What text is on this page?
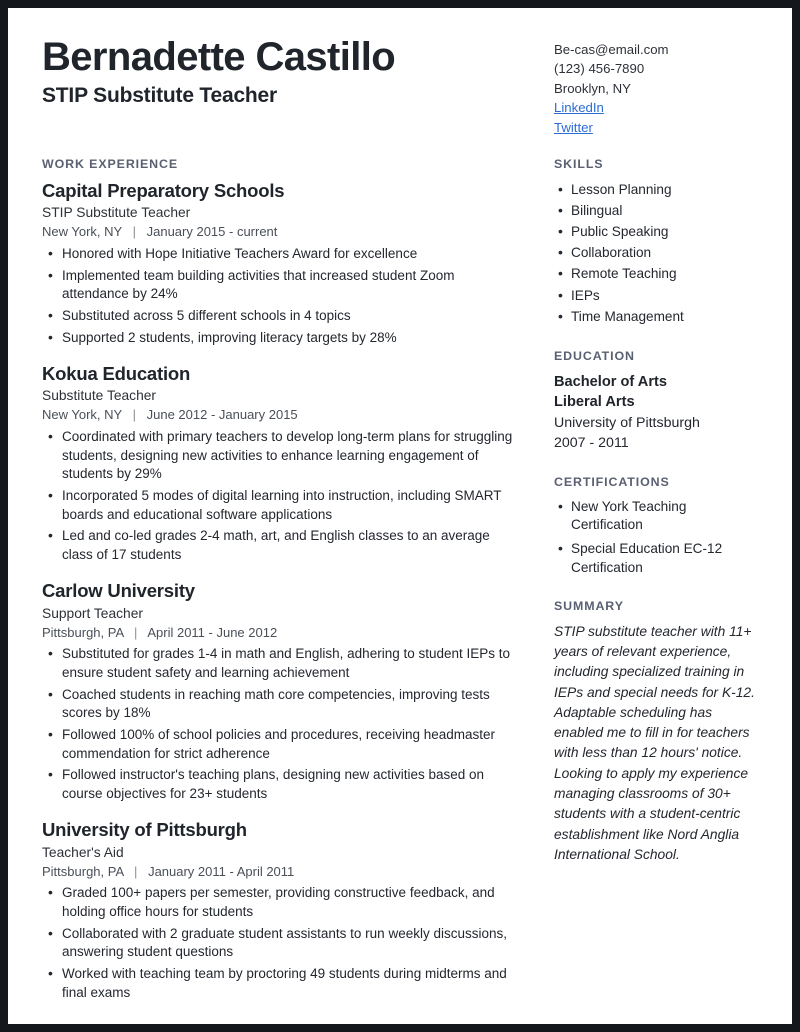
Bernadette Castillo
STIP Substitute Teacher
Be-cas@email.com
(123) 456-7890
Brooklyn, NY
LinkedIn
Twitter
WORK EXPERIENCE
Capital Preparatory Schools
STIP Substitute Teacher
New York, NY | January 2015 - current
• Honored with Hope Initiative Teachers Award for excellence
• Implemented team building activities that increased student Zoom attendance by 24%
• Substituted across 5 different schools in 4 topics
• Supported 2 students, improving literacy targets by 28%
Kokua Education
Substitute Teacher
New York, NY | June 2012 - January 2015
• Coordinated with primary teachers to develop long-term plans for struggling students, designing new activities to enhance learning engagement of students by 29%
• Incorporated 5 modes of digital learning into instruction, including SMART boards and educational software applications
• Led and co-led grades 2-4 math, art, and English classes to an average class of 17 students
Carlow University
Support Teacher
Pittsburgh, PA | April 2011 - June 2012
• Substituted for grades 1-4 in math and English, adhering to student IEPs to ensure student safety and learning achievement
• Coached students in reaching math core competencies, improving tests scores by 18%
• Followed 100% of school policies and procedures, receiving headmaster commendation for strict adherence
• Followed instructor's teaching plans, designing new activities based on course objectives for 23+ students
University of Pittsburgh
Teacher's Aid
Pittsburgh, PA | January 2011 - April 2011
• Graded 100+ papers per semester, providing constructive feedback, and holding office hours for students
• Collaborated with 2 graduate student assistants to run weekly discussions, answering student questions
• Worked with teaching team by proctoring 49 students during midterms and final exams
SKILLS
• Lesson Planning
• Bilingual
• Public Speaking
• Collaboration
• Remote Teaching
• IEPs
• Time Management
EDUCATION
Bachelor of Arts
Liberal Arts
University of Pittsburgh
2007 - 2011
CERTIFICATIONS
• New York Teaching Certification
• Special Education EC-12 Certification
SUMMARY
STIP substitute teacher with 11+ years of relevant experience, including specialized training in IEPs and special needs for K-12. Adaptable scheduling has enabled me to fill in for teachers with less than 12 hours' notice. Looking to apply my experience managing classrooms of 30+ students with a student-centric establishment like Nord Anglia International School.
